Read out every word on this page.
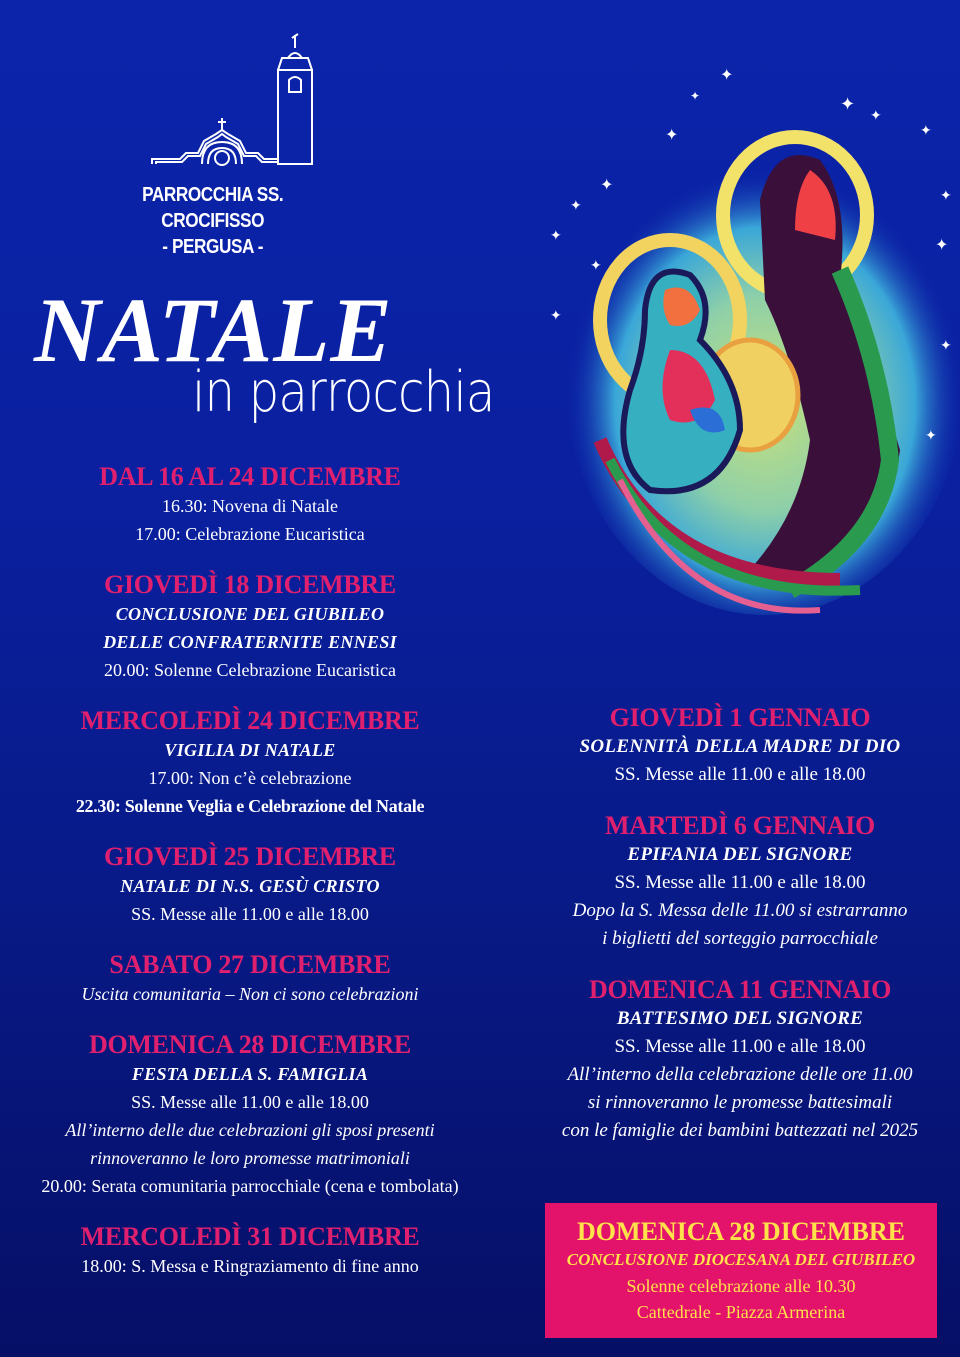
PARROCCHIA SS. CROCIFISSO
- PERGUSA -
NATALE
in parrocchia
✦
✦
✦
✦
✦
✦
✦
✦
✦
✦
✦
✦
✦
✦
✦
DAL 16 AL 24 DICEMBRE
16.30: Novena di Natale
17.00: Celebrazione Eucaristica
GIOVEDÌ 18 DICEMBRE
CONCLUSIONE DEL GIUBILEO
DELLE CONFRATERNITE ENNESI
20.00: Solenne Celebrazione Eucaristica
MERCOLEDÌ 24 DICEMBRE
VIGILIA DI NATALE
17.00: Non c’è celebrazione
22.30: Solenne Veglia e Celebrazione del Natale
GIOVEDÌ 25 DICEMBRE
NATALE DI N.S. GESÙ CRISTO
SS. Messe alle 11.00 e alle 18.00
SABATO 27 DICEMBRE
Uscita comunitaria – Non ci sono celebrazioni
DOMENICA 28 DICEMBRE
FESTA DELLA S. FAMIGLIA
SS. Messe alle 11.00 e alle 18.00
All’interno delle due celebrazioni gli sposi presenti
rinnoveranno le loro promesse matrimoniali
20.00: Serata comunitaria parrocchiale (cena e tombolata)
MERCOLEDÌ 31 DICEMBRE
18.00: S. Messa e Ringraziamento di fine anno
GIOVEDÌ 1 GENNAIO
SOLENNITÀ DELLA MADRE DI DIO
SS. Messe alle 11.00 e alle 18.00
MARTEDÌ 6 GENNAIO
EPIFANIA DEL SIGNORE
SS. Messe alle 11.00 e alle 18.00
Dopo la S. Messa delle 11.00 si estrarranno
i biglietti del sorteggio parrocchiale
DOMENICA 11 GENNAIO
BATTESIMO DEL SIGNORE
SS. Messe alle 11.00 e alle 18.00
All’interno della celebrazione delle ore 11.00
si rinnoveranno le promesse battesimali
con le famiglie dei bambini battezzati nel 2025
DOMENICA 28 DICEMBRE
CONCLUSIONE DIOCESANA DEL GIUBILEO
Solenne celebrazione alle 10.30
Cattedrale - Piazza Armerina
